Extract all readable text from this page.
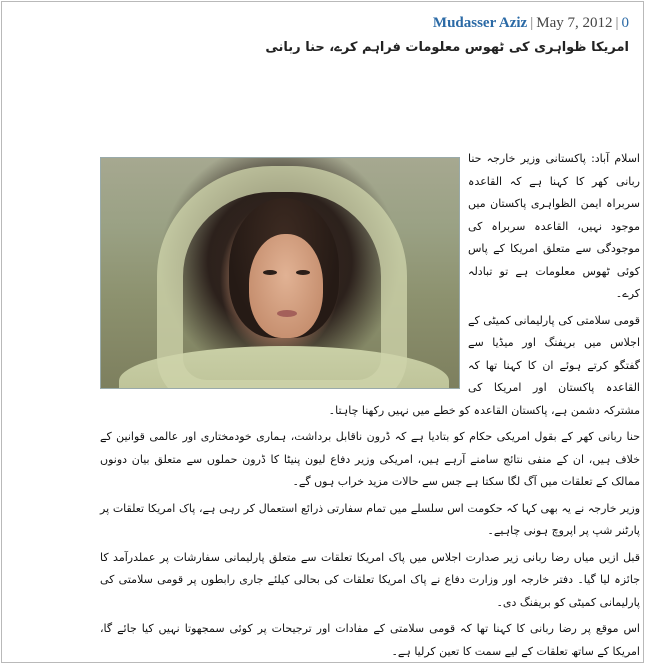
Mudasser Aziz | May 7, 2012 | 0
امریکا ظواہری کی ٹھوس معلومات فراہم کرے، حنا ربانی

اسلام آباد: پاکستانی وزیر خارجہ حنا ربانی کھر کا کہنا ہے کہ القاعدہ سربراہ ایمن الظواہری پاکستان میں موجود نہیں، القاعدہ سربراہ کی موجودگی سے متعلق امریکا کے پاس کوئی ٹھوس معلومات ہے تو تبادلہ کرے۔

قومی سلامتی کی پارلیمانی کمیٹی کے اجلاس میں بریفنگ اور میڈیا سے گفتگو کرتے ہوئے ان کا کہنا تھا کہ القاعدہ پاکستان اور امریکا کی مشترکہ دشمن ہے، پاکستان القاعدہ کو خطے میں نہیں رکھنا چاہتا۔

حنا ربانی کھر کے بقول امریکی حکام کو بتادیا ہے کہ ڈرون ناقابل برداشت، ہماری خودمختاری اور عالمی قوانین کے خلاف ہیں، ان کے منفی نتائج سامنے آرہے ہیں، امریکی وزیر دفاع لیون پنیٹا کا ڈرون حملوں سے متعلق بیان دونوں ممالک کے تعلقات میں آگ لگا سکتا ہے جس سے حالات مزید خراب ہوں گے۔

وزیر خارجہ نے یہ بھی کہا کہ حکومت اس سلسلے میں تمام سفارتی ذرائع استعمال کر رہی ہے، پاک امریکا تعلقات پر پارٹنر شپ پر اپروچ ہونی چاہیے۔

قبل ازیں میاں رضا ربانی زیر صدارت اجلاس میں پاک امریکا تعلقات سے متعلق پارلیمانی سفارشات پر عملدرآمد کا جائزہ لیا گیا۔ دفتر خارجہ اور وزارت دفاع نے پاک امریکا تعلقات کی بحالی کیلئے جاری رابطوں پر قومی سلامتی کی پارلیمانی کمیٹی کو بریفنگ دی۔

اس موقع پر رضا ربانی کا کہنا تھا کہ قومی سلامتی کے مفادات اور ترجیحات پر کوئی سمجھوتا نہیں کیا جائے گا، امریکا کے ساتھ تعلقات کے لیے سمت کا تعین کرلیا ہے۔
